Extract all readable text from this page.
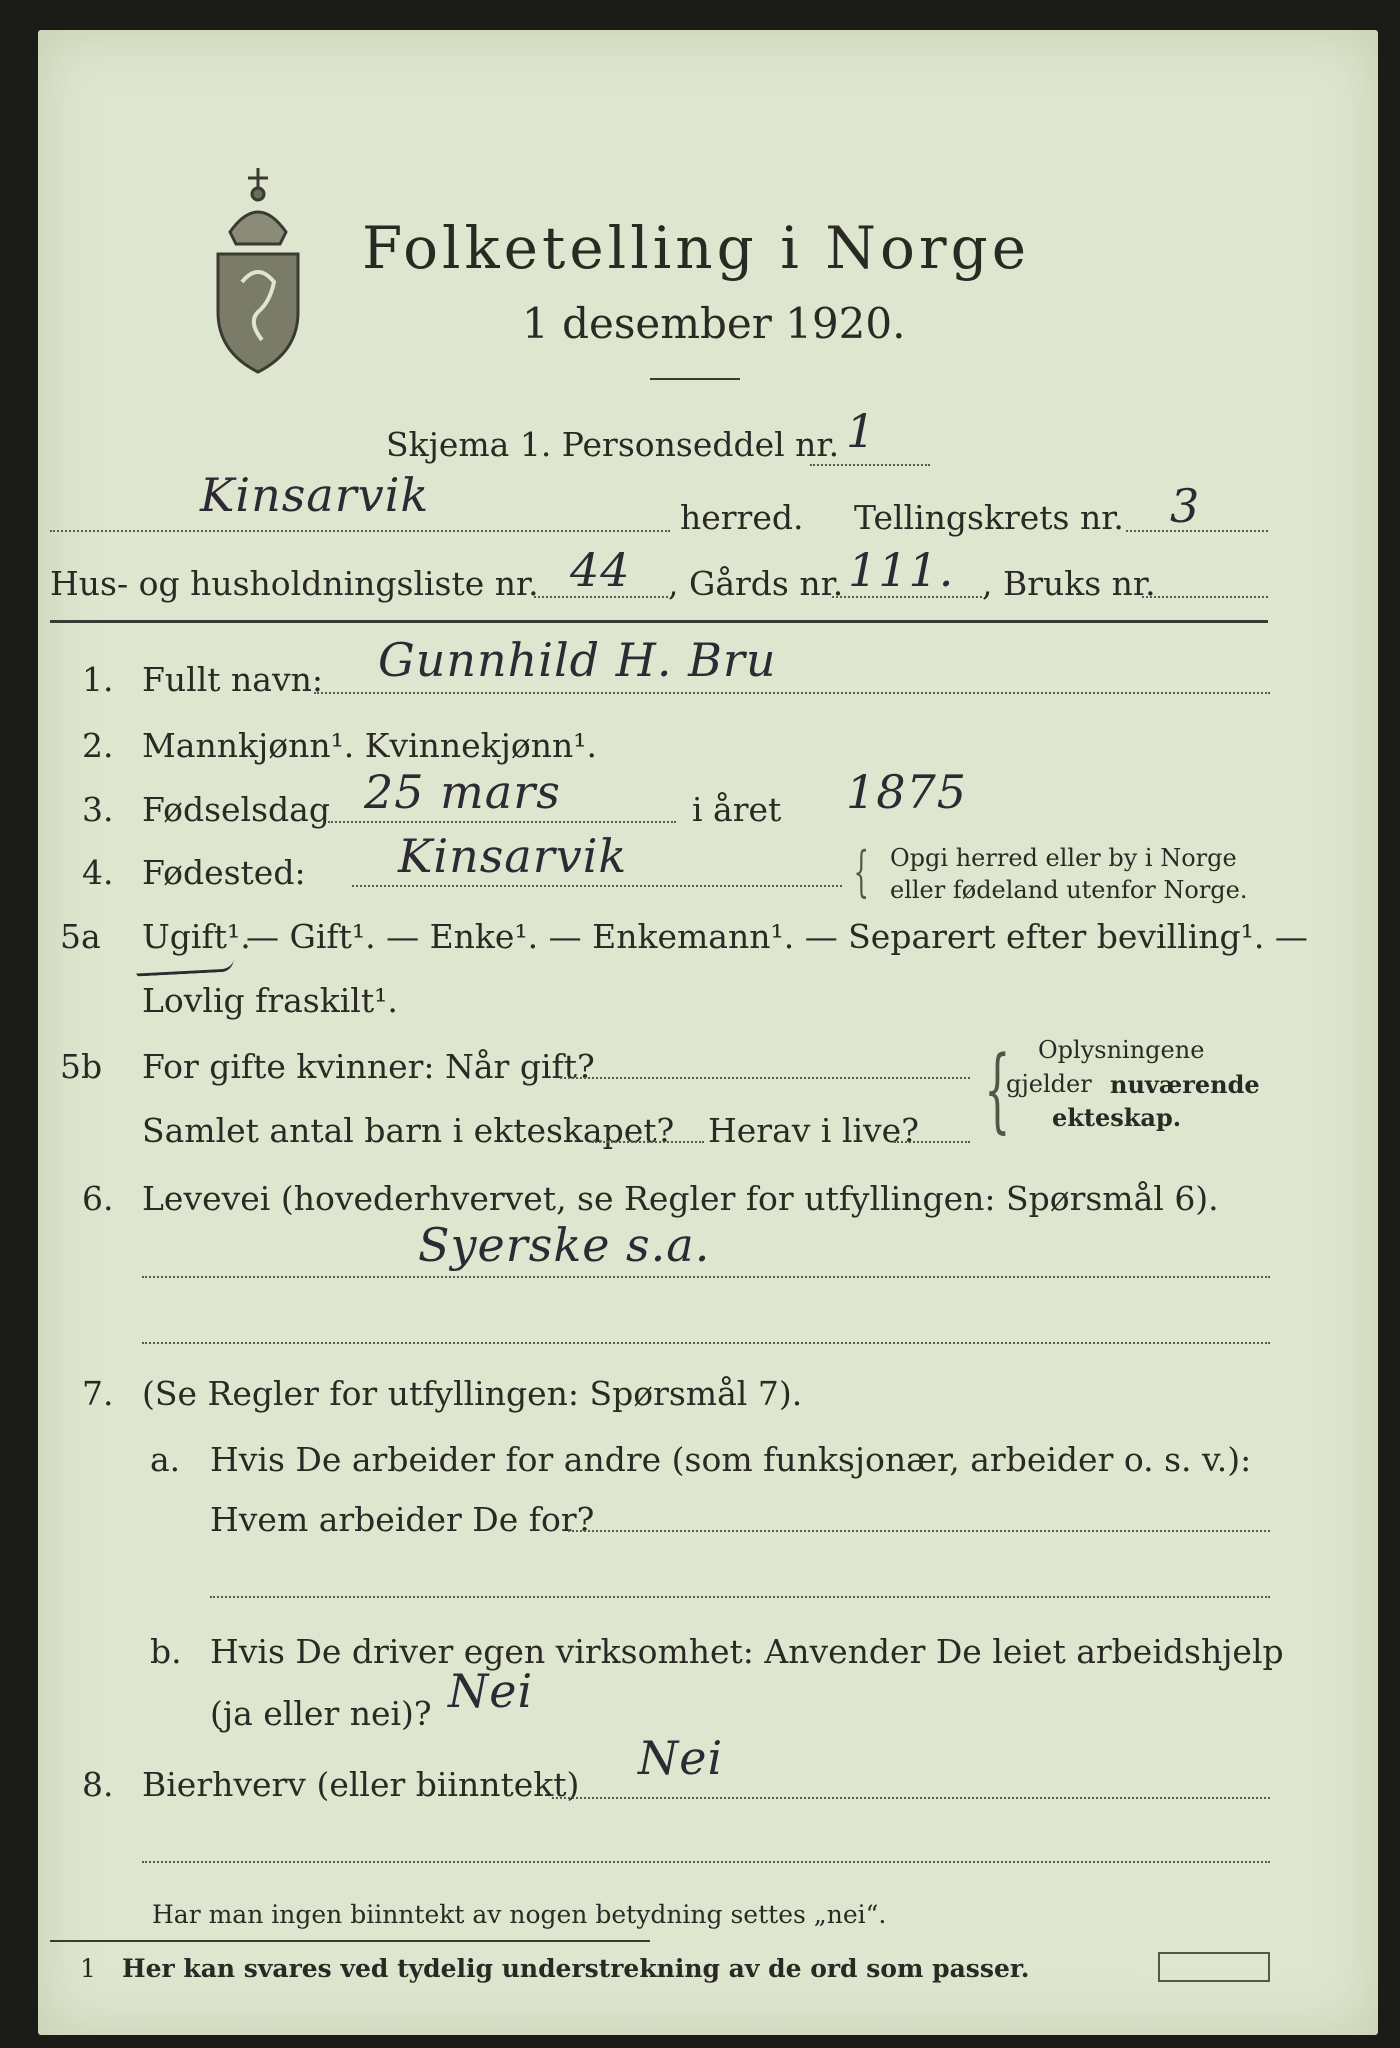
Folketelling i Norge
1 desember 1920.
Skjema 1. Personseddel nr. 1
Kinsarvik	herred. Tellingskrets nr. 3
Hus- og husholdningsliste nr. 44 , Gårds nr. 111. , Bruks nr.
1. Fullt navn: Gunnhild H. Bru
2. Mannkjønn¹. Kvinnekjønn¹.
3. Fødselsdag 25 mars	i året 1875
4. Fødested: Kinsarvik	{ Opgi herred eller by i Norge
eller fødeland utenfor Norge.
5a Ugift¹.
— Gift¹. — Enke¹. — Enkemann¹. — Separert efter bevilling¹. —
Lovlig fraskilt¹.
5b For gifte kvinner: Når gift?
Samlet antal barn i ekteskapet? Herav i live? { Oplysningene
gjelder nuværende
ekteskap.
6. Levevei (hovederhvervet, se Regler for utfyllingen: Spørsmål 6).
Syerske s.a.
7. (Se Regler for utfyllingen: Spørsmål 7).
a. Hvis De arbeider for andre (som funksjonær, arbeider o. s. v.):
Hvem arbeider De for?
b. Hvis De driver egen virksomhet: Anvender De leiet arbeidshjelp
(ja eller nei)? Nei
8. Bierhverv (eller biinntekt) Nei
Har man ingen biinntekt av nogen betydning settes „nei“.
1 Her kan svares ved tydelig understrekning av de ord som passer.
